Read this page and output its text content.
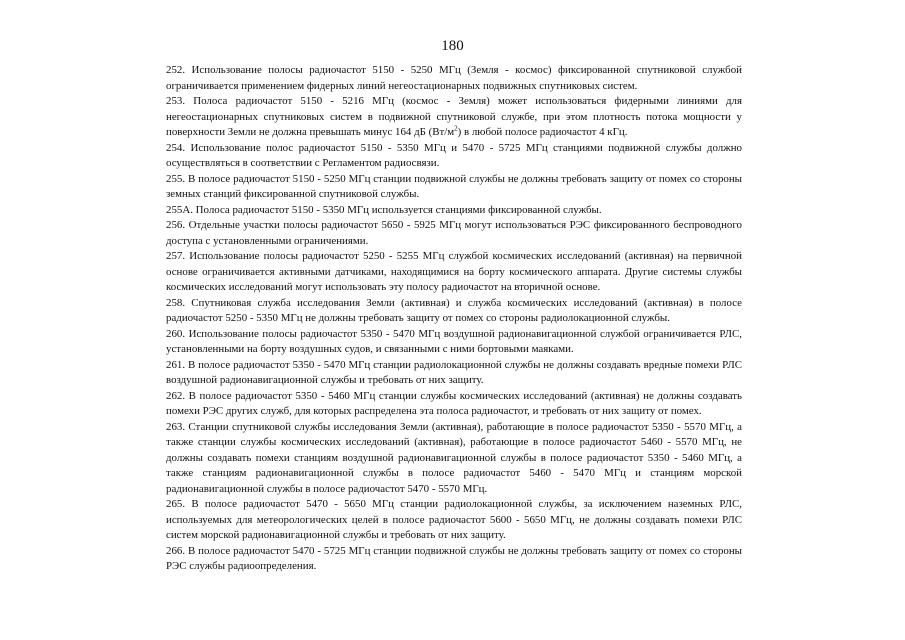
180

252. Использование полосы радиочастот 5150 - 5250 МГц (Земля - космос) фиксированной спутниковой службой ограничивается применением фидерных линий негеостационарных подвижных спутниковых систем.

253. Полоса радиочастот 5150 - 5216 МГц (космос - Земля) может использоваться фидерными линиями для негеостационарных спутниковых систем в подвижной спутниковой службе, при этом плотность потока мощности у поверхности Земли не должна превышать минус 164 дБ $(Вт/м^2)$ в любой полосе радиочастот 4 кГц.

254. Использование полос радиочастот 5150 - 5350 МГц и 5470 - 5725 МГц станциями подвижной службы должно осуществляться в соответствии с Регламентом радиосвязи.

255. В полосе радиочастот 5150 - 5250 МГц станции подвижной службы не должны требовать защиту от помех со стороны земных станций фиксированной спутниковой службы.

255А. Полоса радиочастот 5150 - 5350 МГц используется станциями фиксированной службы.

256. Отдельные участки полосы радиочастот 5650 - 5925 МГц могут использоваться РЭС фиксированного беспроводного доступа с установленными ограничениями.

257. Использование полосы радиочастот 5250 - 5255 МГц службой космических исследований (активная) на первичной основе ограничивается активными датчиками, находящимися на борту космического аппарата. Другие системы службы космических исследований могут использовать эту полосу радиочастот на вторичной основе.

258. Спутниковая служба исследования Земли (активная) и служба космических исследований (активная) в полосе радиочастот 5250 - 5350 МГц не должны требовать защиту от помех со стороны радиолокационной службы.

260. Использование полосы радиочастот 5350 - 5470 МГц воздушной радионавигационной службой ограничивается РЛС, установленными на борту воздушных судов, и связанными с ними бортовыми маяками.

261. В полосе радиочастот 5350 - 5470 МГц станции радиолокационной службы не должны создавать вредные помехи РЛС воздушной радионавигационной службы и требовать от них защиту.

262. В полосе радиочастот 5350 - 5460 МГц станции службы космических исследований (активная) не должны создавать помехи РЭС других служб, для которых распределена эта полоса радиочастот, и требовать от них защиту от помех.

263. Станции спутниковой службы исследования Земли (активная), работающие в полосе радиочастот 5350 - 5570 МГц, а также станции службы космических исследований (активная), работающие в полосе радиочастот 5460 - 5570 МГц, не должны создавать помехи станциям воздушной радионавигационной службы в полосе радиочастот 5350 - 5460 МГц, а также станциям радионавигационной службы в полосе радиочастот 5460 - 5470 МГц и станциям морской радионавигационной службы в полосе радиочастот 5470 - 5570 МГц.

265. В полосе радиочастот 5470 - 5650 МГц станции радиолокационной службы, за исключением наземных РЛС, используемых для метеорологических целей в полосе радиочастот 5600 - 5650 МГц, не должны создавать помехи РЛС систем морской радионавигационной службы и требовать от них защиту.

266. В полосе радиочастот 5470 - 5725 МГц станции подвижной службы не должны требовать защиту от помех со стороны РЭС службы радиоопределения.
